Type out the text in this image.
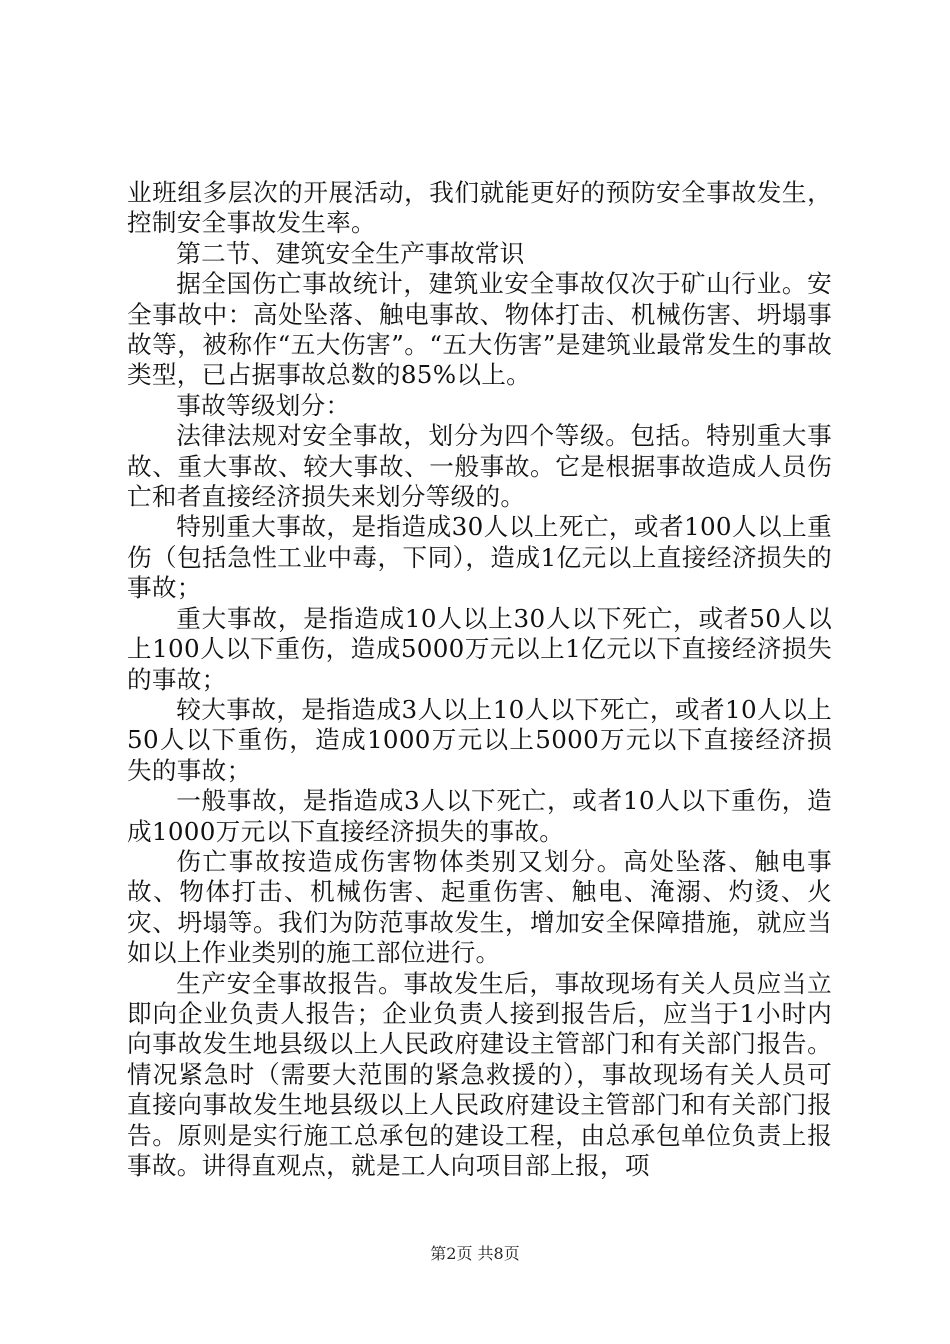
业班组多层次的开展活动，我们就能更好的预防安全事故发生，控制安全事故发生率。

第二节、建筑安全生产事故常识

据全国伤亡事故统计，建筑业安全事故仅次于矿山行业。安全事故中：高处坠落、触电事故、物体打击、机械伤害、坍塌事故等，被称作“五大伤害”。“五大伤害”是建筑业最常发生的事故类型，已占据事故总数的85%以上。

事故等级划分：

法律法规对安全事故，划分为四个等级。包括。特别重大事故、重大事故、较大事故、一般事故。它是根据事故造成人员伤亡和者直接经济损失来划分等级的。

特别重大事故，是指造成30人以上死亡，或者100人以上重伤（包括急性工业中毒，下同），造成1亿元以上直接经济损失的事故；

重大事故，是指造成10人以上30人以下死亡，或者50人以上100人以下重伤，造成5000万元以上1亿元以下直接经济损失的事故；

较大事故，是指造成3人以上10人以下死亡，或者10人以上50人以下重伤，造成1000万元以上5000万元以下直接经济损失的事故；

一般事故，是指造成3人以下死亡，或者10人以下重伤，造成1000万元以下直接经济损失的事故。

伤亡事故按造成伤害物体类别又划分。高处坠落、触电事故、物体打击、机械伤害、起重伤害、触电、淹溺、灼烫、火灾、坍塌等。我们为防范事故发生，增加安全保障措施，就应当如以上作业类别的施工部位进行。

生产安全事故报告。事故发生后，事故现场有关人员应当立即向企业负责人报告；企业负责人接到报告后，应当于1小时内向事故发生地县级以上人民政府建设主管部门和有关部门报告。情况紧急时（需要大范围的紧急救援的），事故现场有关人员可直接向事故发生地县级以上人民政府建设主管部门和有关部门报告。原则是实行施工总承包的建设工程，由总承包单位负责上报事故。讲得直观点，就是工人向项目部上报，项

第2页 共8页
